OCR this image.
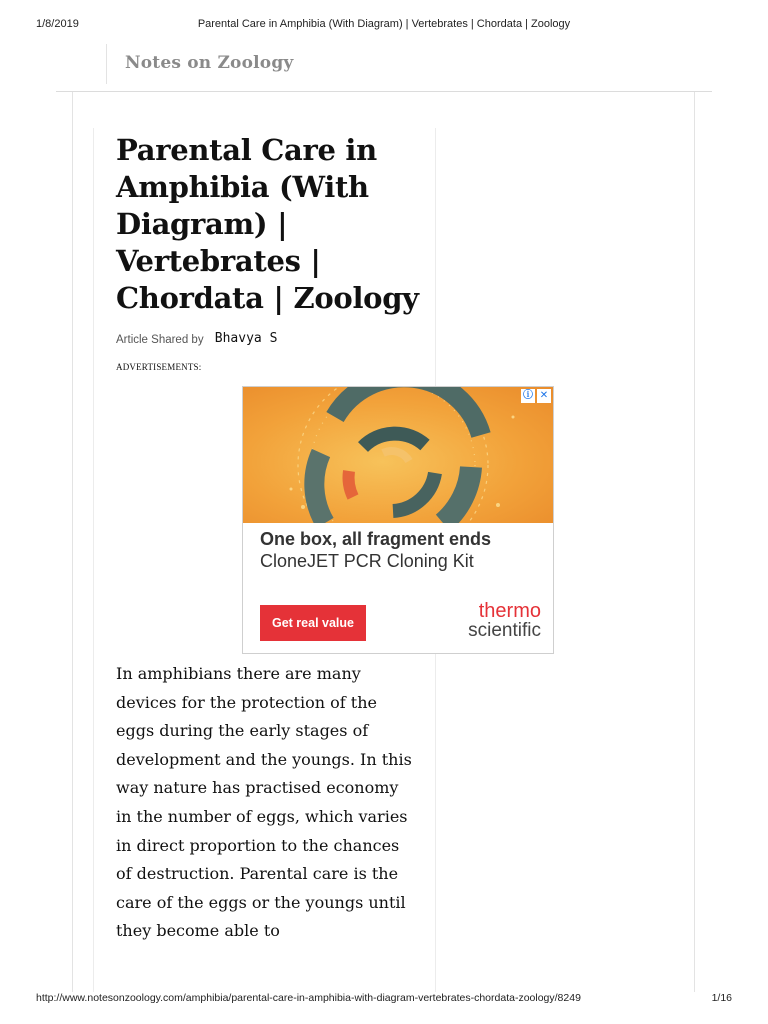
1/8/2019	Parental Care in Amphibia (With Diagram) | Vertebrates | Chordata | Zoology
Notes on Zoology
Parental Care in Amphibia (With Diagram) | Vertebrates | Chordata | Zoology
Article Shared by Bhavya S
ADVERTISEMENTS:
ⓘ ✕
One box, all fragment ends
CloneJET PCR Cloning Kit
Get real value
thermo
scientific

In amphibians there are many devices for the protection of the eggs during the early stages of development and the youngs. In this way nature has practised economy in the number of eggs, which varies in direct proportion to the chances of destruction. Parental care is the care of the eggs or the youngs until they become able to

http://www.notesonzoology.com/amphibia/parental-care-in-amphibia-with-diagram-vertebrates-chordata-zoology/8249	1/16
